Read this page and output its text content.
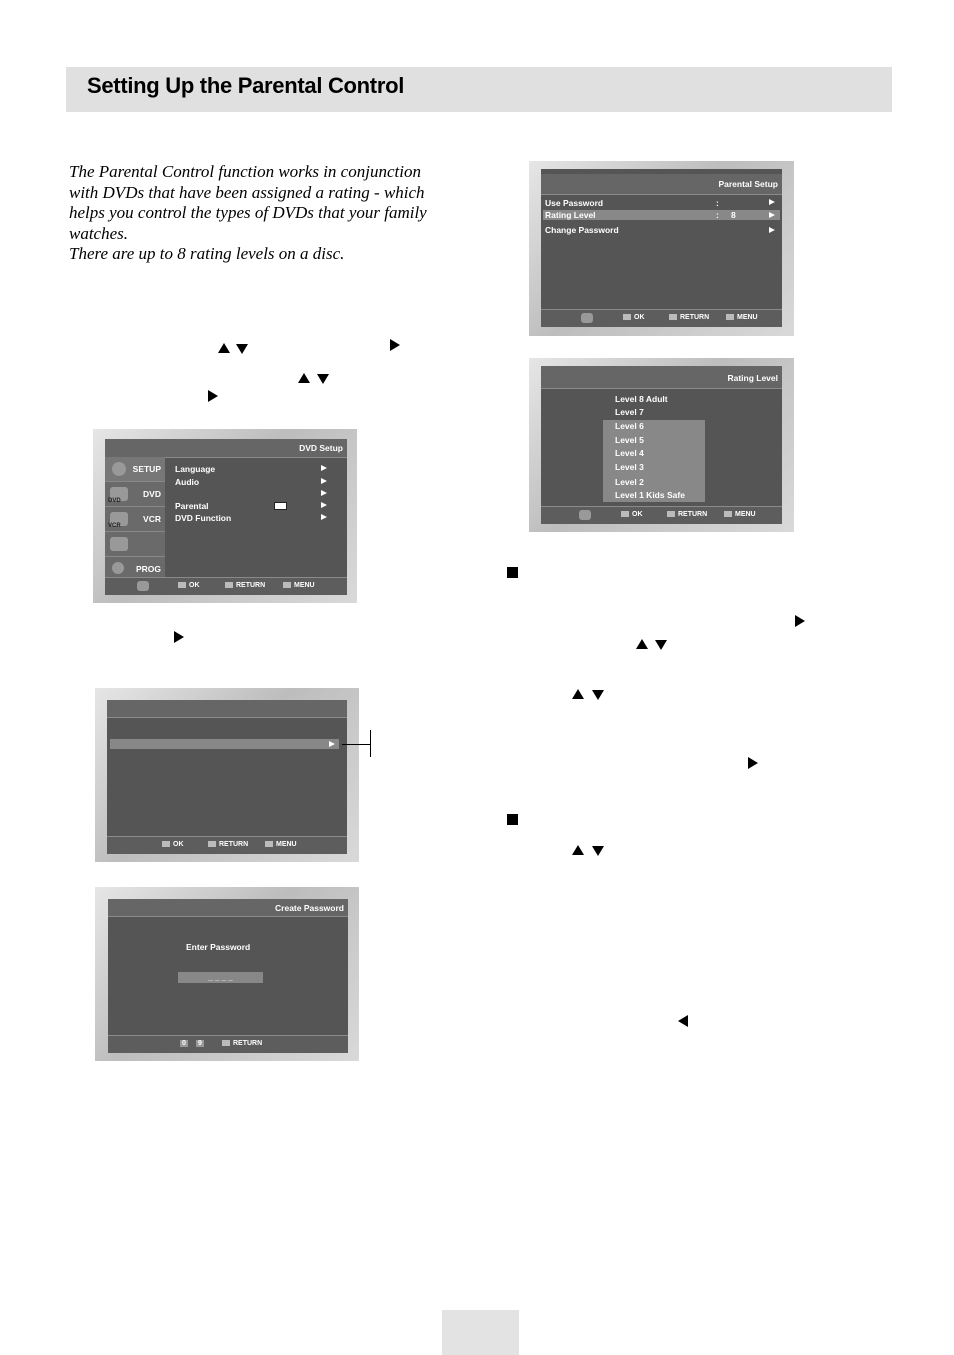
Setting Up the Parental Control

The Parental Control function works in conjunction with DVDs that have been assigned a rating - which helps you control the types of DVDs that your family watches.

There are up to 8 rating levels on a disc.

DVD Setup
SETUP
DVD
DVD
VCR
VCR
PROG
Language
Audio
Parental
DVD Function
OK	RETURN	MENU
OK	RETURN	MENU
Create Password
Enter Password
_ _ _ _
0 9	RETURN
Parental Setup
Use Password	:
Rating Level	: 8
Change Password
OK	RETURN	MENU
Rating Level
Level 8 Adult
Level 7
Level 6
Level 5
Level 4
Level 3
Level 2
Level 1 Kids Safe
OK	RETURN	MENU
